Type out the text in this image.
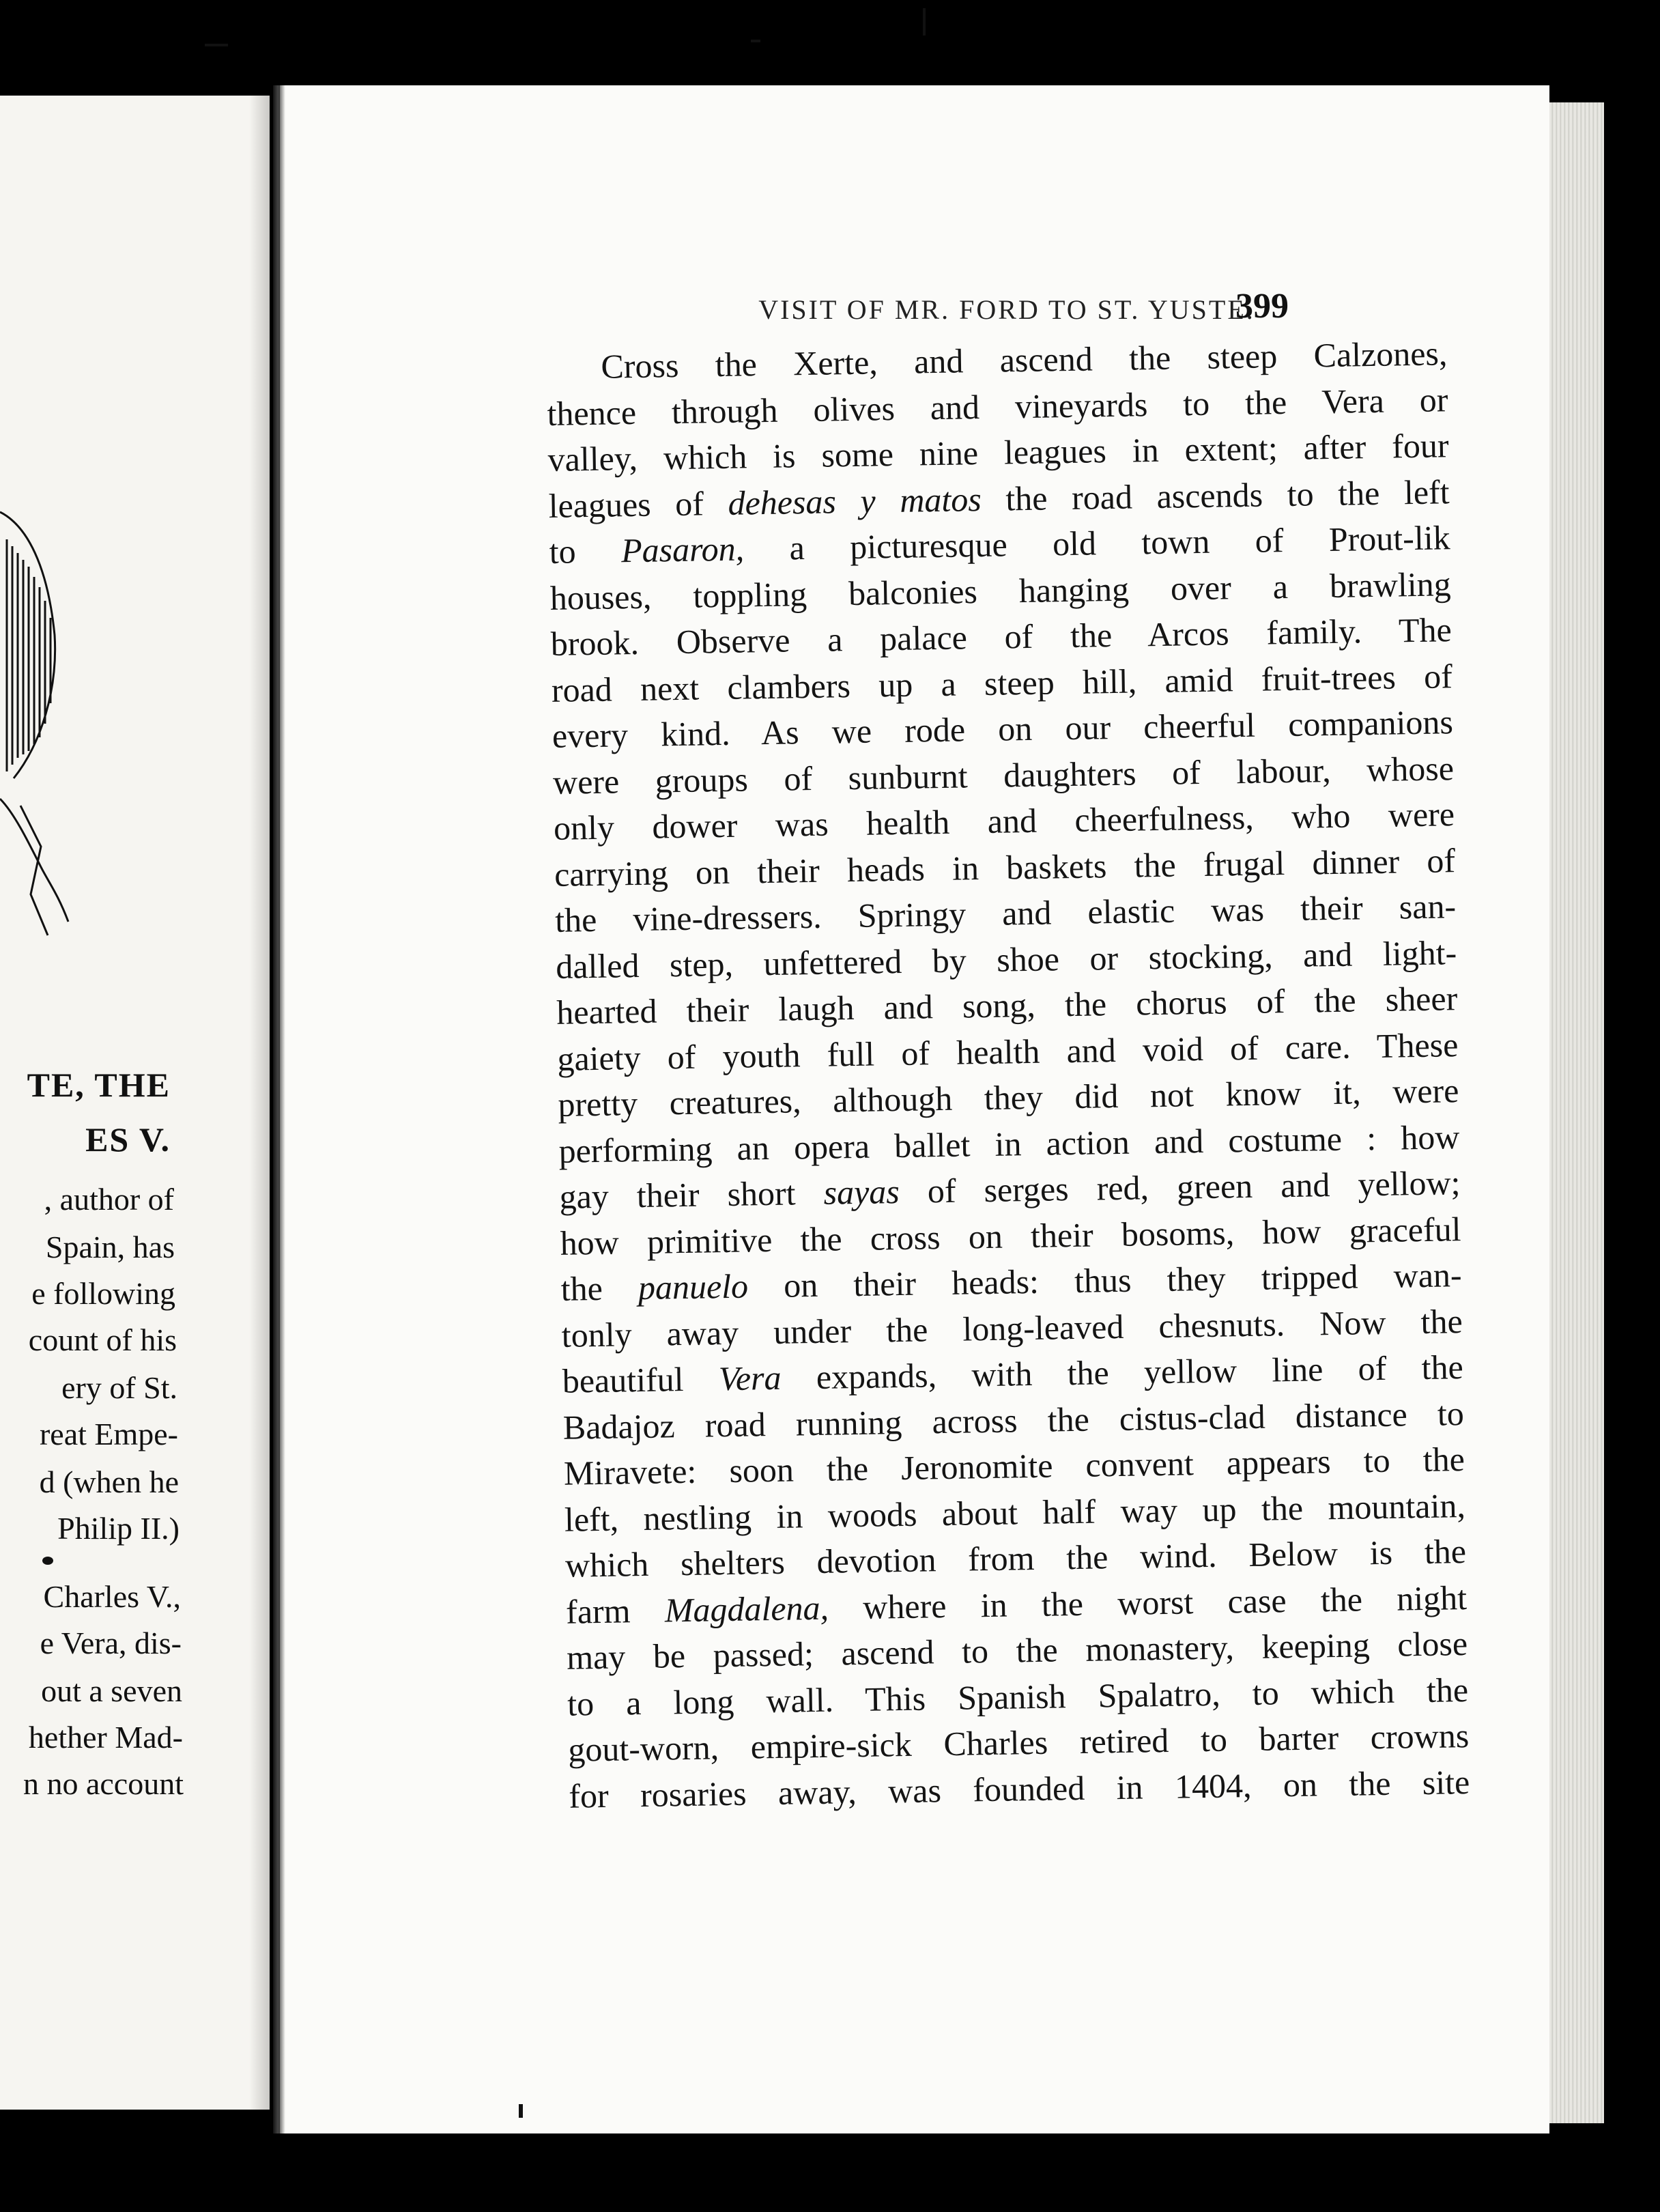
TE, THE
ES V.
, author of
Spain, has
e following
count of his
ery of St.
reat Empe-
d (when he
Philip II.)
Charles V.,
e Vera, dis-
out a seven
hether Mad-
n no account
VISIT OF MR. FORD TO ST. YUSTE.
399
Cross the Xerte, and ascend the steep Calzones,
thence through olives and vineyards to the Vera or
valley, which is some nine leagues in extent; after four
leagues of dehesas y matos the road ascends to the left
to Pasaron, a picturesque old town of Prout-lik
houses, toppling balconies hanging over a brawling
brook. Observe a palace of the Arcos family. The
road next clambers up a steep hill, amid fruit-trees of
every kind. As we rode on our cheerful companions
were groups of sunburnt daughters of labour, whose
only dower was health and cheerfulness, who were
carrying on their heads in baskets the frugal dinner of
the vine-dressers. Springy and elastic was their san-
dalled step, unfettered by shoe or stocking, and light-
hearted their laugh and song, the chorus of the sheer
gaiety of youth full of health and void of care. These
pretty creatures, although they did not know it, were
performing an opera ballet in action and costume : how
gay their short sayas of serges red, green and yellow;
how primitive the cross on their bosoms, how graceful
the panuelo on their heads: thus they tripped wan-
tonly away under the long-leaved chesnuts. Now the
beautiful Vera expands, with the yellow line of the
Badajoz road running across the cistus-clad distance to
Miravete: soon the Jeronomite convent appears to the
left, nestling in woods about half way up the mountain,
which shelters devotion from the wind. Below is the
farm Magdalena, where in the worst case the night
may be passed; ascend to the monastery, keeping close
to a long wall. This Spanish Spalatro, to which the
gout-worn, empire-sick Charles retired to barter crowns
for rosaries away, was founded in 1404, on the site
